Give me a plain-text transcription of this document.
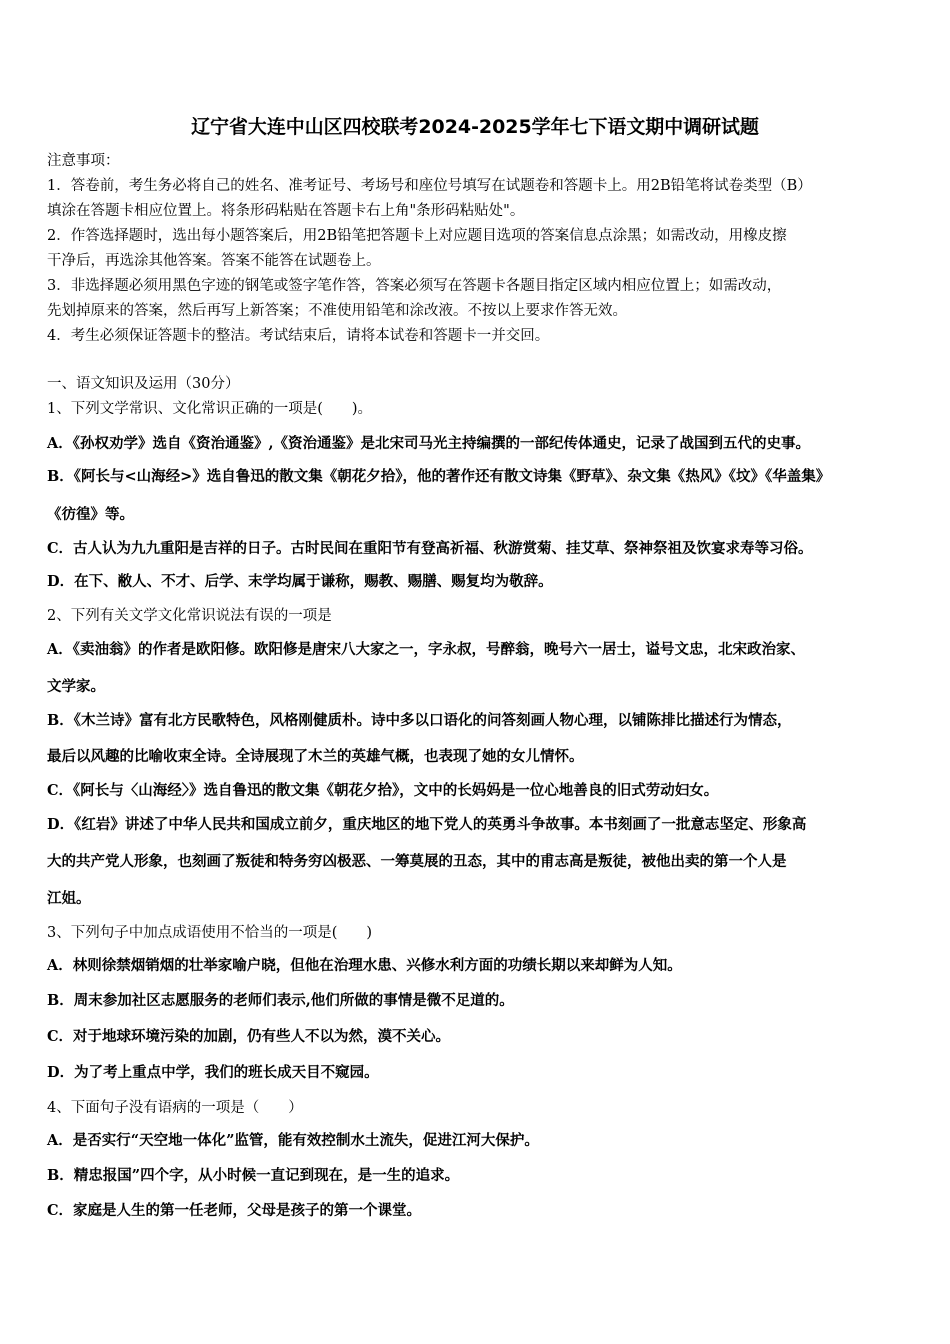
辽宁省大连中山区四校联考2024-2025学年七下语文期中调研试题
注意事项：
1．答卷前，考生务必将自己的姓名、准考证号、考场号和座位号填写在试题卷和答题卡上。用2B铅笔将试卷类型（B）
填涂在答题卡相应位置上。将条形码粘贴在答题卡右上角"条形码粘贴处"。
2．作答选择题时，选出每小题答案后，用2B铅笔把答题卡上对应题目选项的答案信息点涂黑；如需改动，用橡皮擦
干净后，再选涂其他答案。答案不能答在试题卷上。
3．非选择题必须用黑色字迹的钢笔或签字笔作答，答案必须写在答题卡各题目指定区域内相应位置上；如需改动，
先划掉原来的答案，然后再写上新答案；不准使用铅笔和涂改液。不按以上要求作答无效。
4．考生必须保证答题卡的整洁。考试结束后，请将本试卷和答题卡一并交回。
一、语文知识及运用（30分）
1、下列文学常识、文化常识正确的一项是(　　)。
A．《孙权劝学》选自《资治通鉴》,《资治通鉴》是北宋司马光主持编撰的一部纪传体通史，记录了战国到五代的史事。
B．《阿长与<山海经>》选自鲁迅的散文集《朝花夕拾》，他的著作还有散文诗集《野草》、杂文集《热风》《坟》《华盖集》
《彷徨》等。
C．古人认为九九重阳是吉祥的日子。古时民间在重阳节有登高祈福、秋游赏菊、挂艾草、祭神祭祖及饮宴求寿等习俗。
D．在下、敝人、不才、后学、末学均属于谦称，赐教、赐膳、赐复均为敬辞。
2、下列有关文学文化常识说法有误的一项是
A．《卖油翁》的作者是欧阳修。欧阳修是唐宋八大家之一，字永叔，号醉翁，晚号六一居士，谥号文忠，北宋政治家、
文学家。
B．《木兰诗》富有北方民歌特色，风格刚健质朴。诗中多以口语化的问答刻画人物心理，以铺陈排比描述行为情态，
最后以风趣的比喻收束全诗。全诗展现了木兰的英雄气概，也表现了她的女儿情怀。
C．《阿长与〈山海经〉》选自鲁迅的散文集《朝花夕拾》，文中的长妈妈是一位心地善良的旧式劳动妇女。
D．《红岩》讲述了中华人民共和国成立前夕，重庆地区的地下党人的英勇斗争故事。本书刻画了一批意志坚定、形象高
大的共产党人形象，也刻画了叛徒和特务穷凶极恶、一筹莫展的丑态，其中的甫志高是叛徒，被他出卖的第一个人是
江姐。
3、下列句子中加点成语使用不恰当的一项是(　　)
A．林则徐禁烟销烟的壮举家喻户晓，但他在治理水患、兴修水利方面的功绩长期以来却鲜为人知。
B．周末参加社区志愿服务的老师们表示,他们所做的事情是微不足道的。
C．对于地球环境污染的加剧，仍有些人不以为然，漠不关心。
D．为了考上重点中学，我们的班长成天目不窥园。
4、下面句子没有语病的一项是（　　）
A．是否实行“天空地一体化”监管，能有效控制水土流失，促进江河大保护。
B．精忠报国”四个字，从小时候一直记到现在，是一生的追求。
C．家庭是人生的第一任老师，父母是孩子的第一个课堂。
